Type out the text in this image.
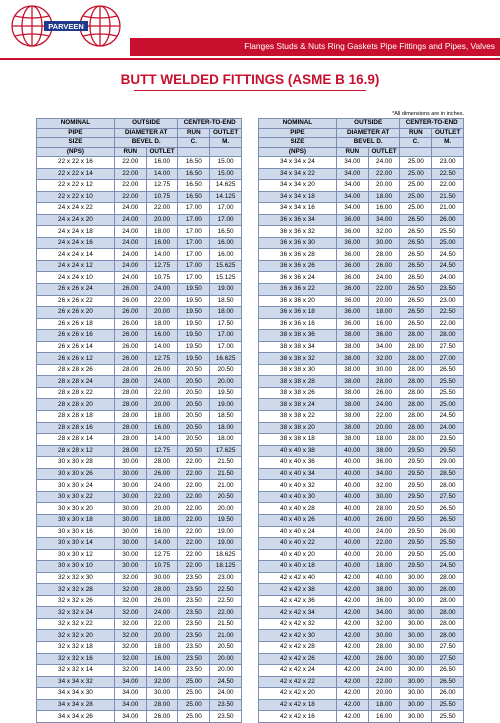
PARVEEN
Flanges Studs & Nuts Ring Gaskets Pipe Fittings and Pipes, Valves
BUTT WELDED FITTINGS (ASME B 16.9)
*All dimensions are in inches.
NOMINAL	OUTSIDE		CENTER-TO-END	
PIPE	DIAMETER AT		RUN	OUTLET
SIZE	BEVEL D.		C.	M.
(NPS)	RUN	OUTLET		
22 x 22 x 16	22.00	16.00	16.50	15.00
22 x 22 x 14	22.00	14.00	16.50	15.00
22 x 22 x 12	22.00	12.75	16.50	14.625
22 x 22 x 10	22.00	10.75	16.50	14.125
24 x 24 x 22	24.00	22.00	17.00	17.00
24 x 24 x 20	24.00	20.00	17.00	17.00
24 x 24 x 18	24.00	18.00	17.00	16.50
24 x 24 x 16	24.00	16.00	17.00	16.00
24 x 24 x 14	24.00	14.00	17.00	16.00
24 x 24 x 12	24.00	12.75	17.00	15.625
24 x 24 x 10	24.00	10.75	17.00	15.125
26 x 26 x 24	26.00	24.00	19.50	19.00
26 x 26 x 22	26.00	22.00	19.50	18.50
26 x 26 x 20	26.00	20.00	19.50	18.00
26 x 26 x 18	26.00	18.00	19.50	17.50
26 x 26 x 16	26.00	16.00	19.50	17.00
26 x 26 x 14	26.00	14.00	19.50	17.00
26 x 26 x 12	26.00	12.75	19.50	16.625
28 x 28 x 26	28.00	26.00	20.50	20.50
28 x 28 x 24	28.00	24.00	20.50	20.00
28 x 28 x 22	28.00	22.00	20.50	19.50
28 x 28 x 20	28.00	20.00	20.50	19.00
28 x 28 x 18	28.00	18.00	20.50	18.50
28 x 28 x 16	28.00	16.00	20.50	18.00
28 x 28 x 14	28.00	14.00	20.50	18.00
28 x 28 x 12	28.00	12.75	20.50	17.625
30 x 30 x 28	30.00	28.00	22.00	21.50
30 x 30 x 26	30.00	26.00	22.00	21.50
30 x 30 x 24	30.00	24.00	22.00	21.00
30 x 30 x 22	30.00	22.00	22.00	20.50
30 x 30 x 20	30.00	20.00	22.00	20.00
30 x 30 x 18	30.00	18.00	22.00	19.50
30 x 30 x 16	30.00	16.00	22.00	19.00
30 x 30 x 14	30.00	14.00	22.00	19.00
30 x 30 x 12	30.00	12.75	22.00	18.625
30 x 30 x 10	30.00	10.75	22.00	18.125
32 x 32 x 30	32.00	30.00	23.50	23.00
32 x 32 x 28	32.00	28.00	23.50	22.50
32 x 32 x 26	32.00	26.00	23.50	22.50
32 x 32 x 24	32.00	24.00	23.50	22.00
32 x 32 x 22	32.00	22.00	23.50	21.50
32 x 32 x 20	32.00	20.00	23.50	21.00
32 x 32 x 18	32.00	18.00	23.50	20.50
32 x 32 x 16	32.00	16.00	23.50	20.00
32 x 32 x 14	32.00	14.00	23.50	20.00
34 x 34 x 32	34.00	32.00	25.00	24.50
34 x 34 x 30	34.00	30.00	25.00	24.00
34 x 34 x 28	34.00	28.00	25.00	23.50
34 x 34 x 26	34.00	26.00	25.00	23.50
NOMINAL	OUTSIDE		CENTER-TO-END	
PIPE	DIAMETER AT		RUN	OUTLET
SIZE	BEVEL D.		C.	M.
(NPS)	RUN	OUTLET		
34 x 34 x 24	34.00	24.00	25.00	23.00
34 x 34 x 22	34.00	22.00	25.00	22.50
34 x 34 x 20	34.00	20.00	25.00	22.00
34 x 34 x 18	34.00	18.00	25.00	21.50
34 x 34 x 16	34.00	16.00	25.00	21.00
36 x 36 x 34	36.00	34.00	26.50	26.00
36 x 36 x 32	36.00	32.00	26.50	25.50
36 x 36 x 30	36.00	30.00	26.50	25.00
36 x 36 x 28	36.00	28.00	26.50	24.50
36 x 36 x 26	36.00	26.00	26.50	24.50
36 x 36 x 24	36.00	24.00	26.50	24.00
36 x 36 x 22	36.00	22.00	26.50	23.50
36 x 36 x 20	36.00	20.00	26.50	23.00
36 x 36 x 18	36.00	18.00	26.50	22.50
36 x 36 x 16	36.00	16.00	26.50	22.00
38 x 38 x 36	38.00	36.00	28.00	28.00
38 x 38 x 34	38.00	34.00	28.00	27.50
38 x 38 x 32	38.00	32.00	28.00	27.00
38 x 38 x 30	38.00	30.00	28.00	26.50
38 x 38 x 28	38.00	28.00	28.00	25.50
38 x 38 x 26	38.00	26.00	28.00	25.50
38 x 38 x 24	38.00	24.00	28.00	25.00
38 x 38 x 22	38.00	22.00	28.00	24.50
38 x 38 x 20	38.00	20.00	28.00	24.00
38 x 38 x 18	38.00	18.00	28.00	23.50
40 x 40 x 38	40.00	38.00	29.50	29.50
40 x 40 x 36	40.00	36.00	29.50	29.00
40 x 40 x 34	40.00	34.00	29.50	28.50
40 x 40 x 32	40.00	32.00	29.50	28.00
40 x 40 x 30	40.00	30.00	29.50	27.50
40 x 40 x 28	40.00	28.00	29.50	26.50
40 x 40 x 26	40.00	26.00	29.50	26.50
40 x 40 x 24	40.00	24.00	29.50	26.00
40 x 40 x 22	40.00	22.00	29.50	25.50
40 x 40 x 20	40.00	20.00	29.50	25.00
40 x 40 x 18	40.00	18.00	29.50	24.50
42 x 42 x 40	42.00	40.00	30.00	28.00
42 x 42 x 38	42.00	38.00	30.00	28.00
42 x 42 x 36	42.00	36.00	30.00	28.00
42 x 42 x 34	42.00	34.00	30.00	28.00
42 x 42 x 32	42.00	32.00	30.00	28.00
42 x 42 x 30	42.00	30.00	30.00	28.00
42 x 42 x 28	42.00	28.00	30.00	27.50
42 x 42 x 26	42.00	26.00	30.00	27.50
42 x 42 x 24	42.00	24.00	30.00	26.50
42 x 42 x 22	42.00	22.00	30.00	26.50
42 x 42 x 20	42.00	20.00	30.00	26.00
42 x 42 x 18	42.00	18.00	30.00	25.50
42 x 42 x 16	42.00	16.00	30.00	25.50
